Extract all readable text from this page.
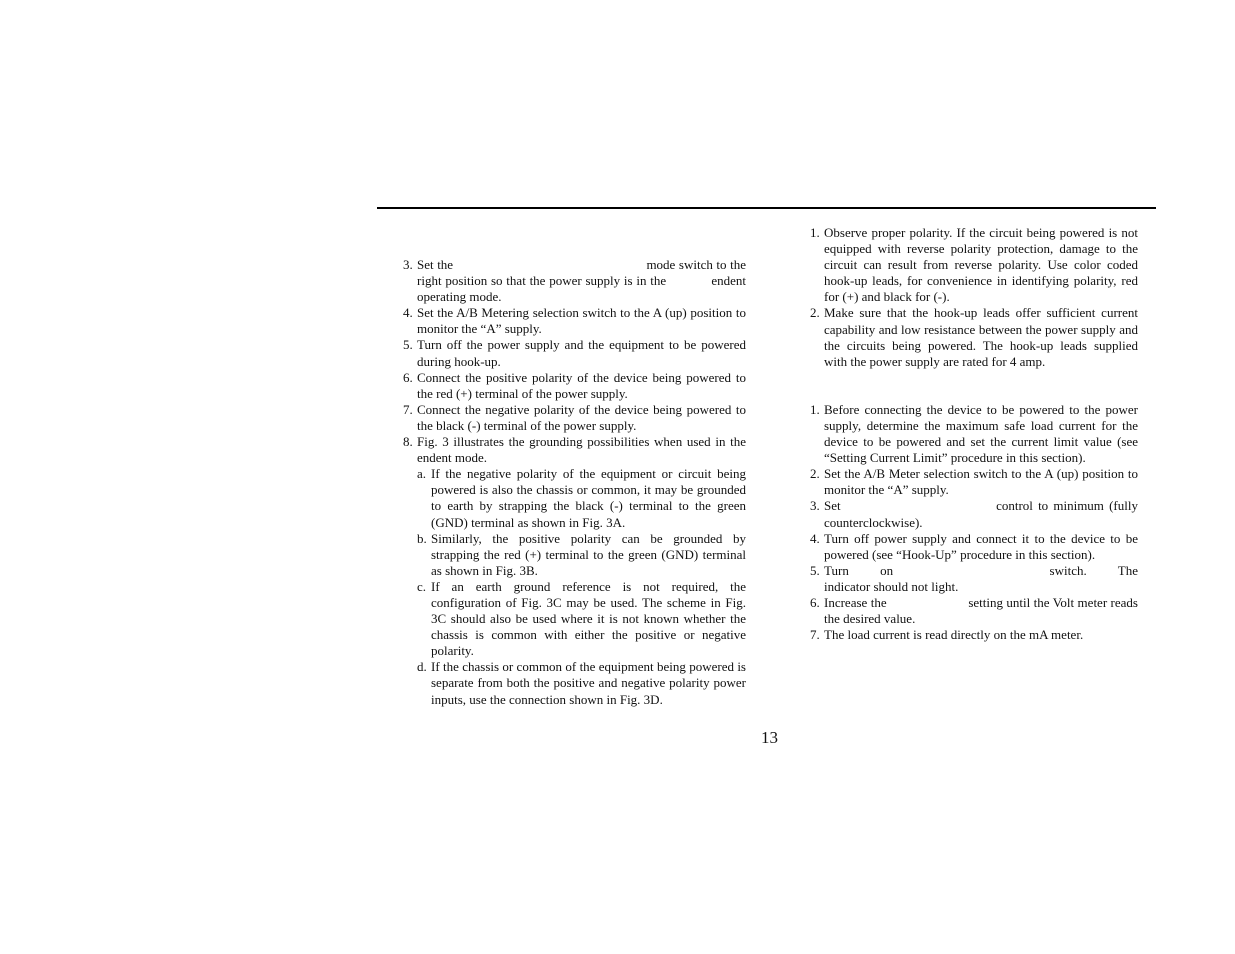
3. Set the                                                      mode switch to the right position so that the power supply is in the            endent operating mode.

4. Set the A/B Metering selection switch to the A (up) position to monitor the “A” supply.

5. Turn off the power supply and the equipment to be powered during hook-up.

6. Connect the positive polarity of the device being powered to the red (+) terminal of the power supply.

7. Connect the negative polarity of the device being powered to the black (-) terminal of the power supply.

8. Fig. 3 illustrates the grounding possibilities when used in the              endent mode.

a. If the negative polarity of the equipment or circuit being powered is also the chassis or common, it may be grounded to earth by strapping the black (-) terminal to the green (GND) terminal as shown in Fig. 3A.

b. Similarly, the positive polarity can be grounded by strapping the red (+) terminal to the green (GND) terminal as shown in Fig. 3B.

c. If an earth ground reference is not required, the configuration of Fig. 3C may be used. The scheme in Fig. 3C should also be used where it is not known whether the chassis is common with either the positive or negative polarity.

d. If the chassis or common of the equipment being powered is separate from both the positive and negative polarity power inputs, use the connection shown in Fig. 3D.

1. Observe proper polarity. If the circuit being powered is not equipped with reverse polarity protection, damage to the circuit can result from reverse polarity. Use color coded hook-up leads, for convenience in identifying polarity, red for (+) and black for (-).

2. Make sure that the hook-up leads offer sufficient current capability and low resistance between the power supply and the circuits being powered. The hook-up leads supplied with the power supply are rated for 4 amp.

1. Before connecting the device to be powered to the power supply, determine the maximum safe load current for the device to be powered and set the current limit value (see “Setting Current Limit” procedure in this section).

2. Set the A/B Meter selection switch to the A (up) position to monitor the “A” supply.

3. Set                              control to minimum (fully counterclockwise).

4. Turn off power supply and connect it to the device to be powered (see “Hook-Up” procedure in this section).

5. Turn    on                    switch.    The                            indicator should not light.

6. Increase the                        setting until the Volt meter reads the desired value.

7. The load current is read directly on the mA meter.

13
